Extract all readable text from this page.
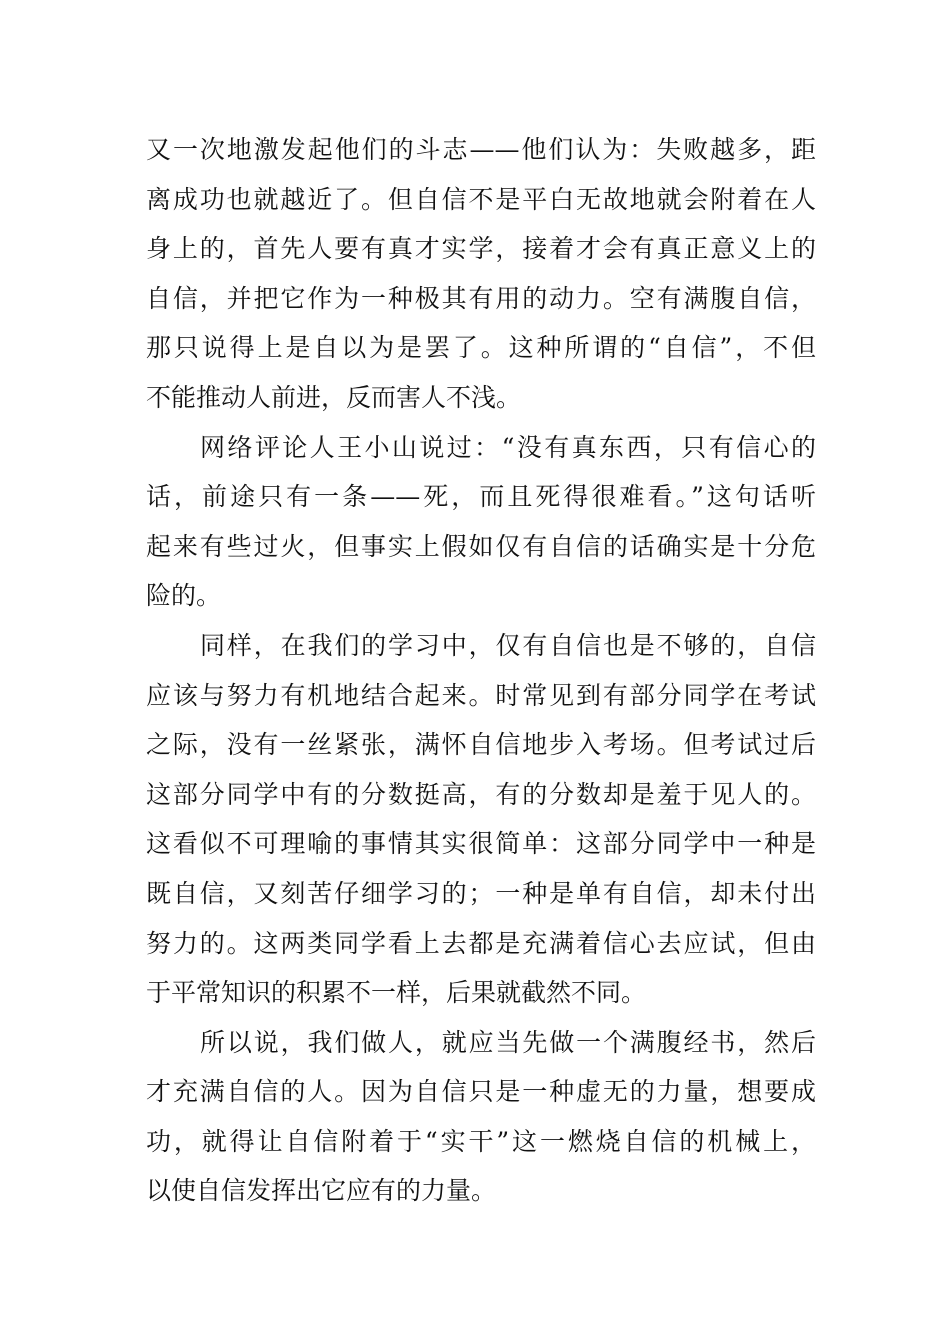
又一次地激发起他们的斗志——他们认为：失败越多，距
离成功也就越近了。但自信不是平白无故地就会附着在人
身上的，首先人要有真才实学，接着才会有真正意义上的
自信，并把它作为一种极其有用的动力。空有满腹自信，
那只说得上是自以为是罢了。这种所谓的“自信”，不但
不能推动人前进，反而害人不浅。
网络评论人王小山说过：“没有真东西，只有信心的
话，前途只有一条——死，而且死得很难看。”这句话听
起来有些过火，但事实上假如仅有自信的话确实是十分危
险的。
同样，在我们的学习中，仅有自信也是不够的，自信
应该与努力有机地结合起来。时常见到有部分同学在考试
之际，没有一丝紧张，满怀自信地步入考场。但考试过后
这部分同学中有的分数挺高，有的分数却是羞于见人的。
这看似不可理喻的事情其实很简单：这部分同学中一种是
既自信，又刻苦仔细学习的；一种是单有自信，却未付出
努力的。这两类同学看上去都是充满着信心去应试，但由
于平常知识的积累不一样，后果就截然不同。
所以说，我们做人，就应当先做一个满腹经书，然后
才充满自信的人。因为自信只是一种虚无的力量，想要成
功，就得让自信附着于“实干”这一燃烧自信的机械上，
以使自信发挥出它应有的力量。
